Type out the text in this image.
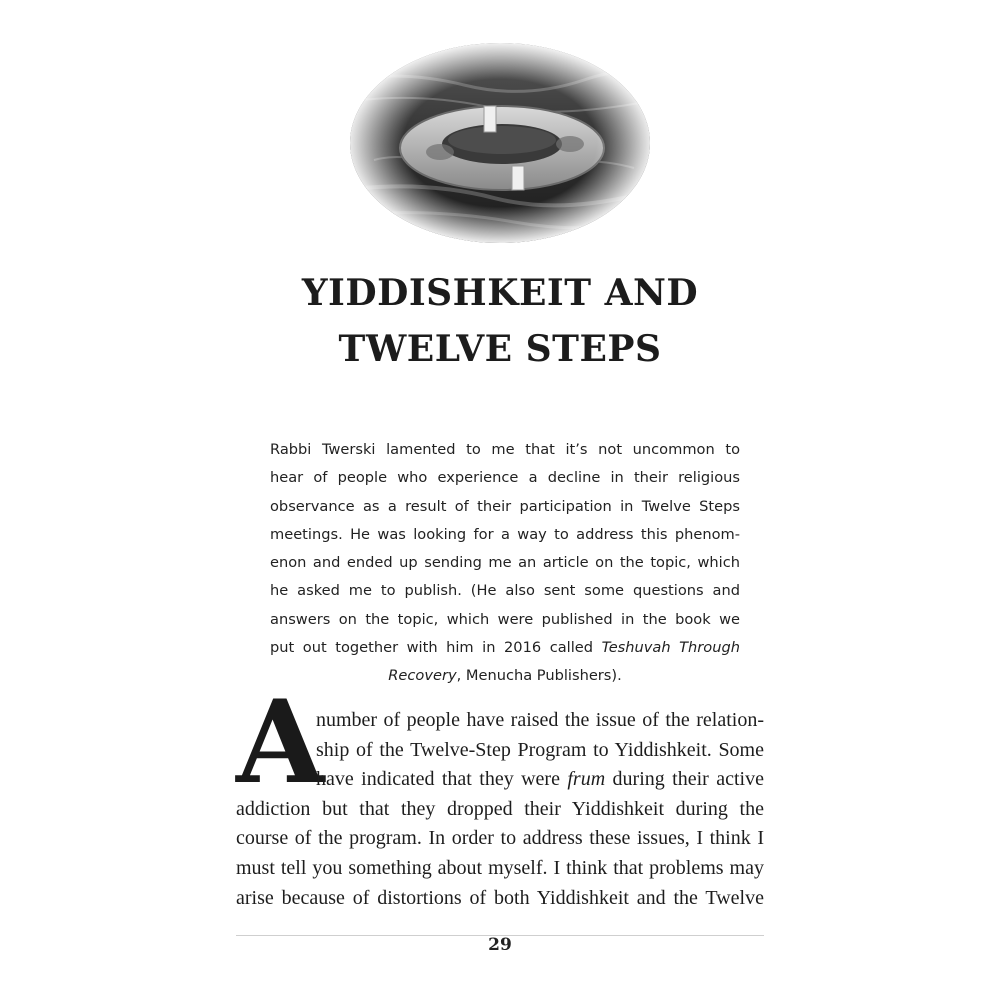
YIDDISHKEIT AND
TWELVE STEPS
Rabbi Twerski lamented to me that it’s not uncommon to
hear of people who experience a decline in their religious
observance as a result of their participation in Twelve Steps
meetings. He was looking for a way to address this phenom-
enon and ended up sending me an article on the topic, which
he asked me to publish. (He also sent some questions and
answers on the topic, which were published in the book we
put out together with him in 2016 called Teshuvah Through
Recovery, Menucha Publishers).
A
number of people have raised the issue of the relation-
ship of the Twelve-Step Program to Yiddishkeit. Some
have indicated that they were frum during their active
addiction but that they dropped their Yiddishkeit during the
course of the program. In order to address these issues, I think I
must tell you something about myself. I think that problems may
arise because of distortions of both Yiddishkeit and the Twelve
29
